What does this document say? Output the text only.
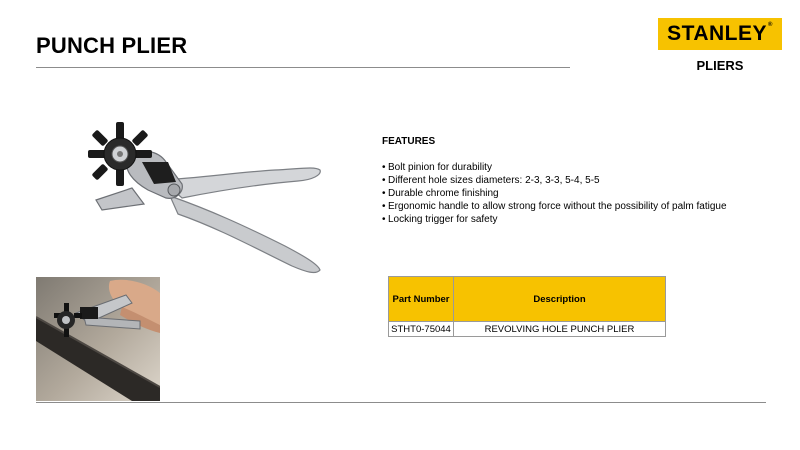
PUNCH PLIER	STANLEY®
PLIERS
FEATURES
• Bolt pinion for durability
• Different hole sizes diameters: 2-3, 3-3, 5-4, 5-5
• Durable chrome finishing
• Ergonomic handle to allow strong force without the possibility of palm fatigue
• Locking trigger for safety
Part Number	Description
STHT0-75044	REVOLVING HOLE PUNCH PLIER
